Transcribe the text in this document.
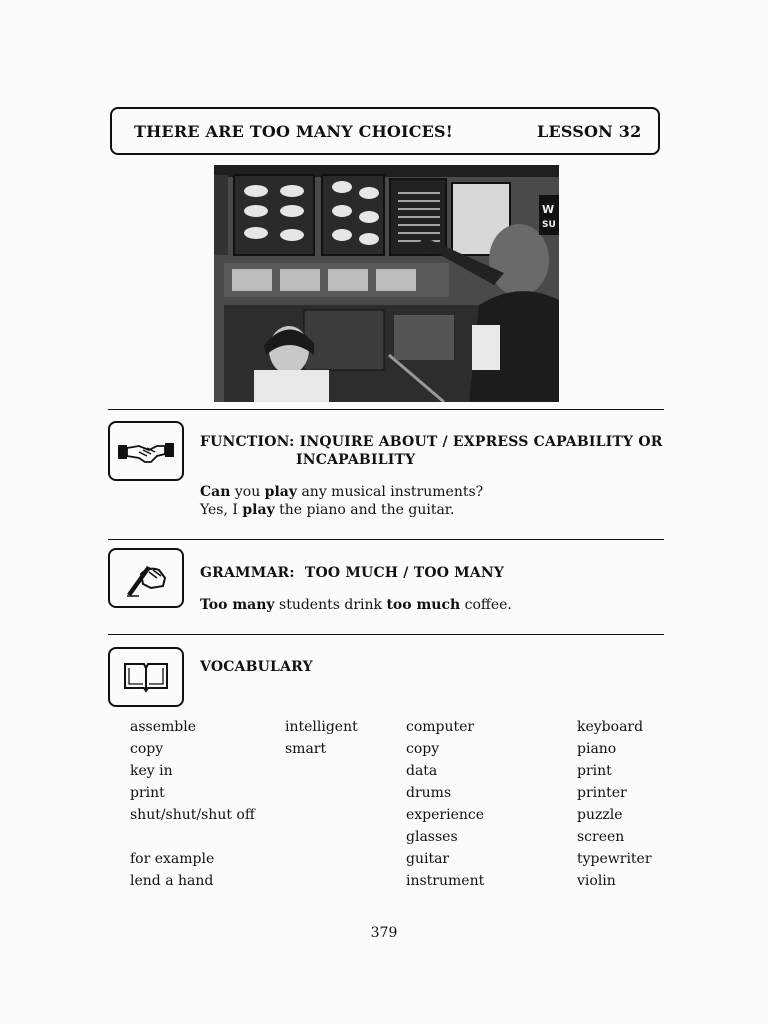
THERE ARE TOO MANY CHOICES!	LESSON 32
W
SU
FUNCTION: INQUIRE ABOUT / EXPRESS CAPABILITY OR
INCAPABILITY
Can you play any musical instruments?
Yes, I play the piano and the guitar.
GRAMMAR: TOO MUCH / TOO MANY
Too many students drink too much coffee.
VOCABULARY
assemble
copy
key in
print
shut/shut/shut off
for example
lend a hand
intelligent
smart
computer
copy
data
drums
experience
glasses
guitar
instrument
keyboard
piano
print
printer
puzzle
screen
typewriter
violin
379
